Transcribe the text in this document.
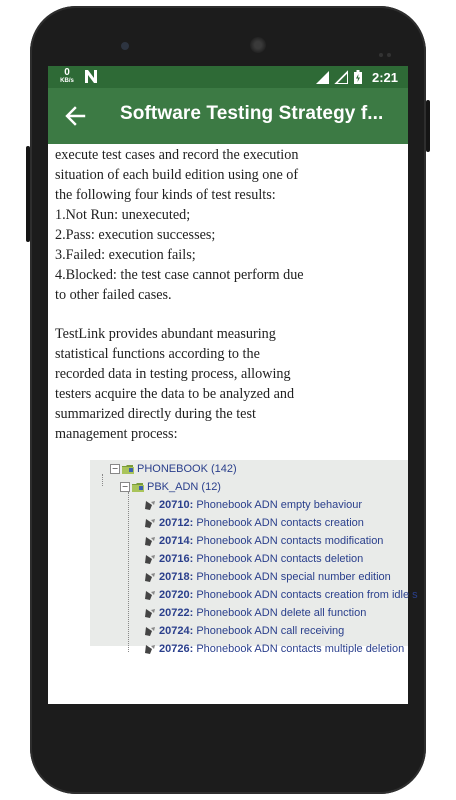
0
KB/s	2:21
Software Testing Strategy f...
execute test cases and record the execution
situation of each build edition using one of
the following four kinds of test results:
1.Not Run: unexecuted;
2.Pass: execution successes;
3.Failed: execution fails;
4.Blocked: the test case cannot perform due
to other failed cases.
TestLink provides abundant measuring
statistical functions according to the
recorded data in testing process, allowing
testers acquire the data to be analyzed and
summarized directly during the test
management process:
− PHONEBOOK (142)
− PBK_ADN (12)
20710: Phonebook ADN empty behaviour
20712: Phonebook ADN contacts creation
20714: Phonebook ADN contacts modification
20716: Phonebook ADN contacts deletion
20718: Phonebook ADN special number edition
20720: Phonebook ADN contacts creation from idle s
20722: Phonebook ADN delete all function
20724: Phonebook ADN call receiving
20726: Phonebook ADN contacts multiple deletion
